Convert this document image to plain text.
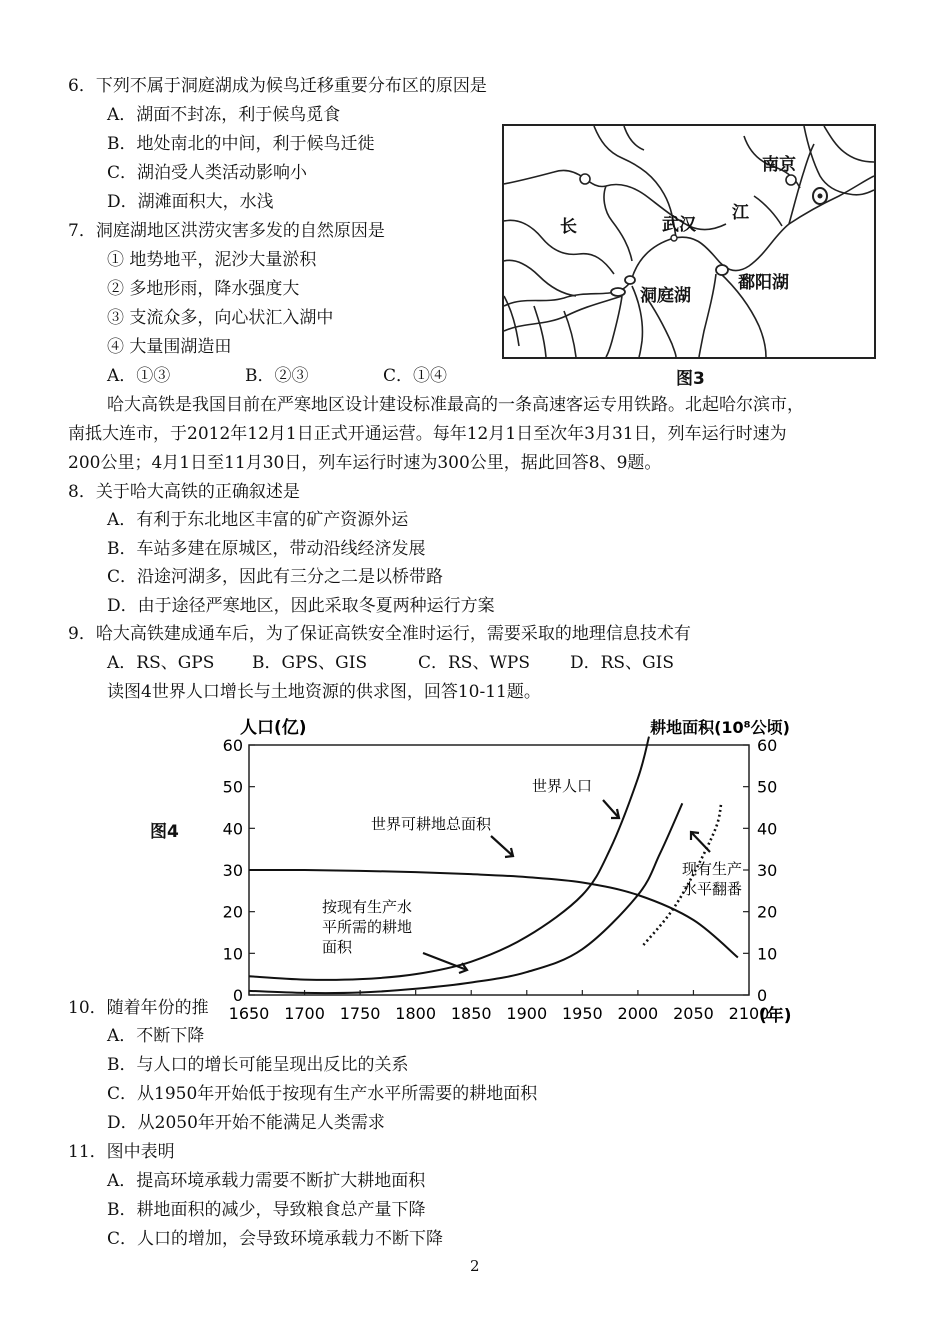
6．下列不属于洞庭湖成为候鸟迁移重要分布区的原因是
A．湖面不封冻，利于候鸟觅食
B．地处南北的中间，利于候鸟迁徙
C．湖泊受人类活动影响小
D．湖滩面积大，水浅
7．洞庭湖地区洪涝灾害多发的自然原因是
① 地势地平，泥沙大量淤积
② 多地形雨，降水强度大
③ 支流众多，向心状汇入湖中
④ 大量围湖造田
A．①③	B．②③	C．①④
南京
长	武汉
江
鄱阳湖
洞庭湖
图3
哈大高铁是我国目前在严寒地区设计建设标准最高的一条高速客运专用铁路。北起哈尔滨市，
南抵大连市，于2012年12月1日正式开通运营。每年12月1日至次年3月31日，列车运行时速为
200公里；4月1日至11月30日，列车运行时速为300公里，据此回答8、9题。
8．关于哈大高铁的正确叙述是
A．有利于东北地区丰富的矿产资源外运
B．车站多建在原城区，带动沿线经济发展
C．沿途河湖多，因此有三分之二是以桥带路
D．由于途径严寒地区，因此采取冬夏两种运行方案
9．哈大高铁建成通车后，为了保证高铁安全准时运行，需要采取的地理信息技术有
A．RS、GPS B．GPS、GIS	C．RS、WPS D．RS、GIS
读图4世界人口增长与土地资源的供求图，回答10-11题。
人口(亿)	耕地面积(10⁸公顷)
0	0
10	10
20	20
30	30
40	40
50	50
60	60
1650 1700 1750 1800 1850 1900 1950 2000 2050 2100
世界人口
世界可耕地总面积
按现有生产水
平所需的耕地
面积
现有生产
水平翻番
(年)
图4
10．随着年份的推
A．不断下降
B．与人口的增长可能呈现出反比的关系
C．从1950年开始低于按现有生产水平所需要的耕地面积
D．从2050年开始不能满足人类需求
11．图中表明
A．提高环境承载力需要不断扩大耕地面积
B．耕地面积的减少，导致粮食总产量下降
C．人口的增加，会导致环境承载力不断下降
2
